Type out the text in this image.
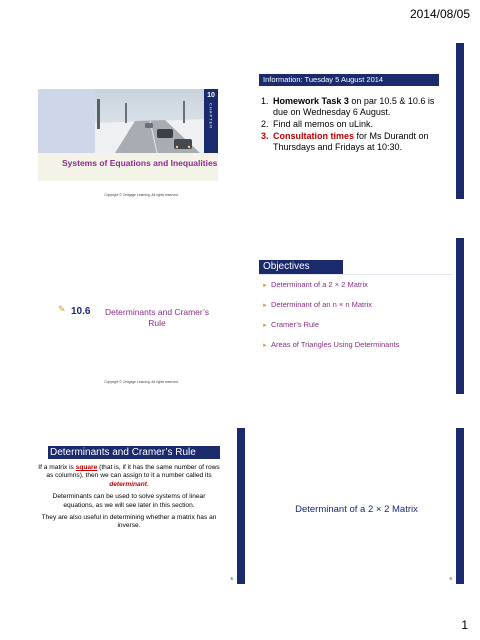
2014/08/05
10
CHAPTER
Systems of Equations and Inequalities
Copyright © Cengage Learning. All rights reserved.
Information: Tuesday 5 August 2014
1. Homework Task 3 on par 10.5 & 10.6 is due on Wednesday 6 August.
2. Find all memos on uLink.
3. Consultation times for Ms Durandt on Thursdays and Fridays at 10:30.
2
✎ 10.6	Determinants and Cramer’s Rule
Copyright © Cengage Learning. All rights reserved.
Objectives
► Determinant of a 2 × 2 Matrix
► Determinant of an n × n Matrix
► Cramer’s Rule
► Areas of Triangles Using Determinants
4
Determinants and Cramer’s Rule

If a matrix is square (that is, if it has the same number of rows as columns), then we can assign to it a number called its determinant.

Determinants can be used to solve systems of linear equations, as we will see later in this section.

They are also useful in determining whether a matrix has an inverse.

5
Determinant of a 2 × 2 Matrix
6
1
